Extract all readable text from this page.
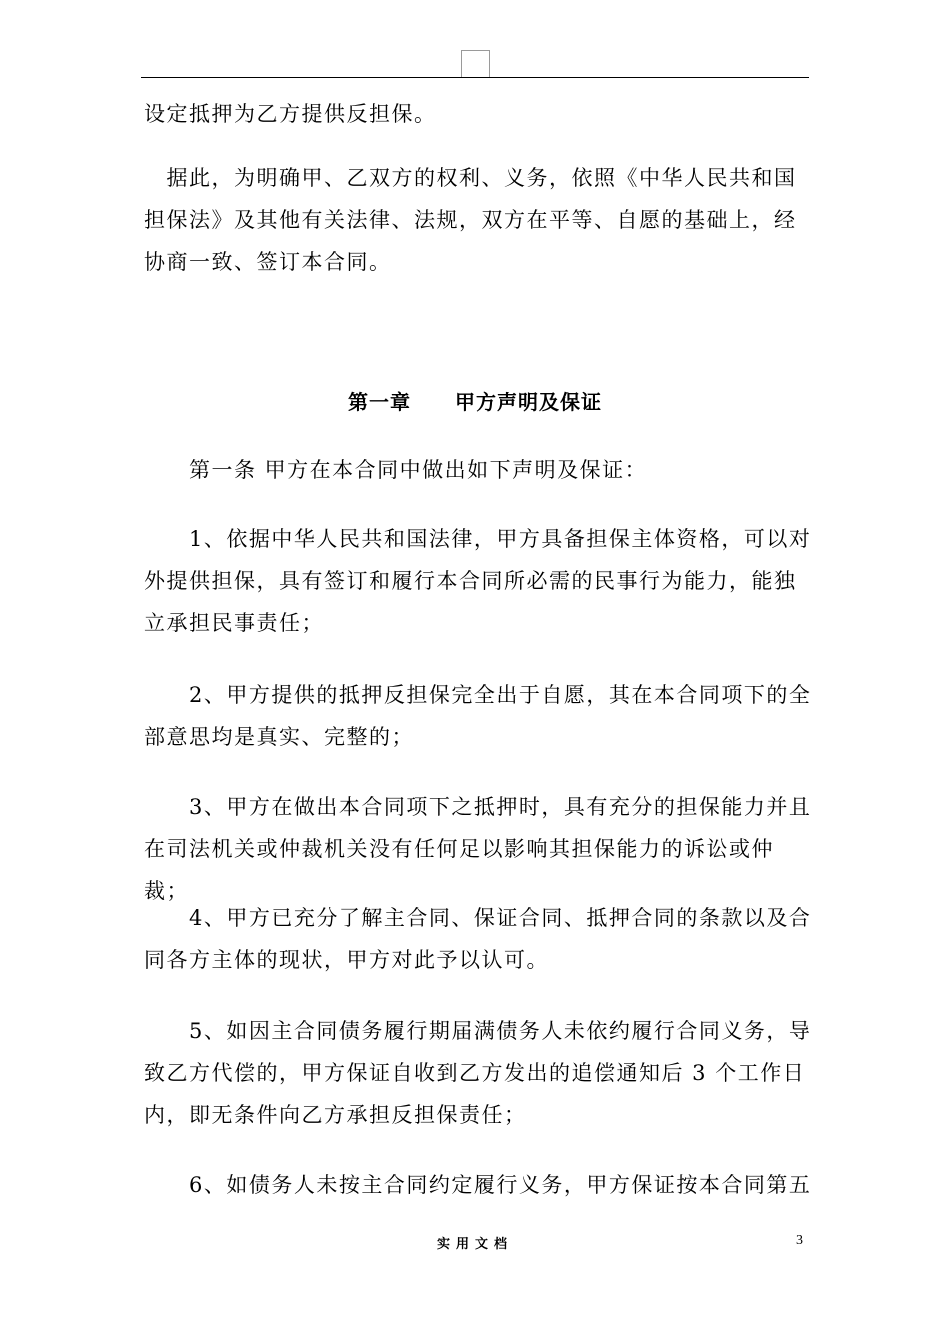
设定抵押为乙方提供反担保。

　据此，为明确甲、乙双方的权利、义务，依照《中华人民共和国担保法》及其他有关法律、法规，双方在平等、自愿的基础上，经协商一致、签订本合同。

第一章 甲方声明及保证

　　第一条 甲方在本合同中做出如下声明及保证：

　　1、依据中华人民共和国法律，甲方具备担保主体资格，可以对外提供担保，具有签订和履行本合同所必需的民事行为能力，能独立承担民事责任；

　　2、甲方提供的抵押反担保完全出于自愿，其在本合同项下的全部意思均是真实、完整的；

　　3、甲方在做出本合同项下之抵押时，具有充分的担保能力并且在司法机关或仲裁机关没有任何足以影响其担保能力的诉讼或仲裁；

　　4、甲方已充分了解主合同、保证合同、抵押合同的条款以及合同各方主体的现状，甲方对此予以认可。

　　5、如因主合同债务履行期届满债务人未依约履行合同义务，导致乙方代偿的，甲方保证自收到乙方发出的追偿通知后 3 个工作日内，即无条件向乙方承担反担保责任；

　　6、如债务人未按主合同约定履行义务，甲方保证按本合同第五

实用文档	3
